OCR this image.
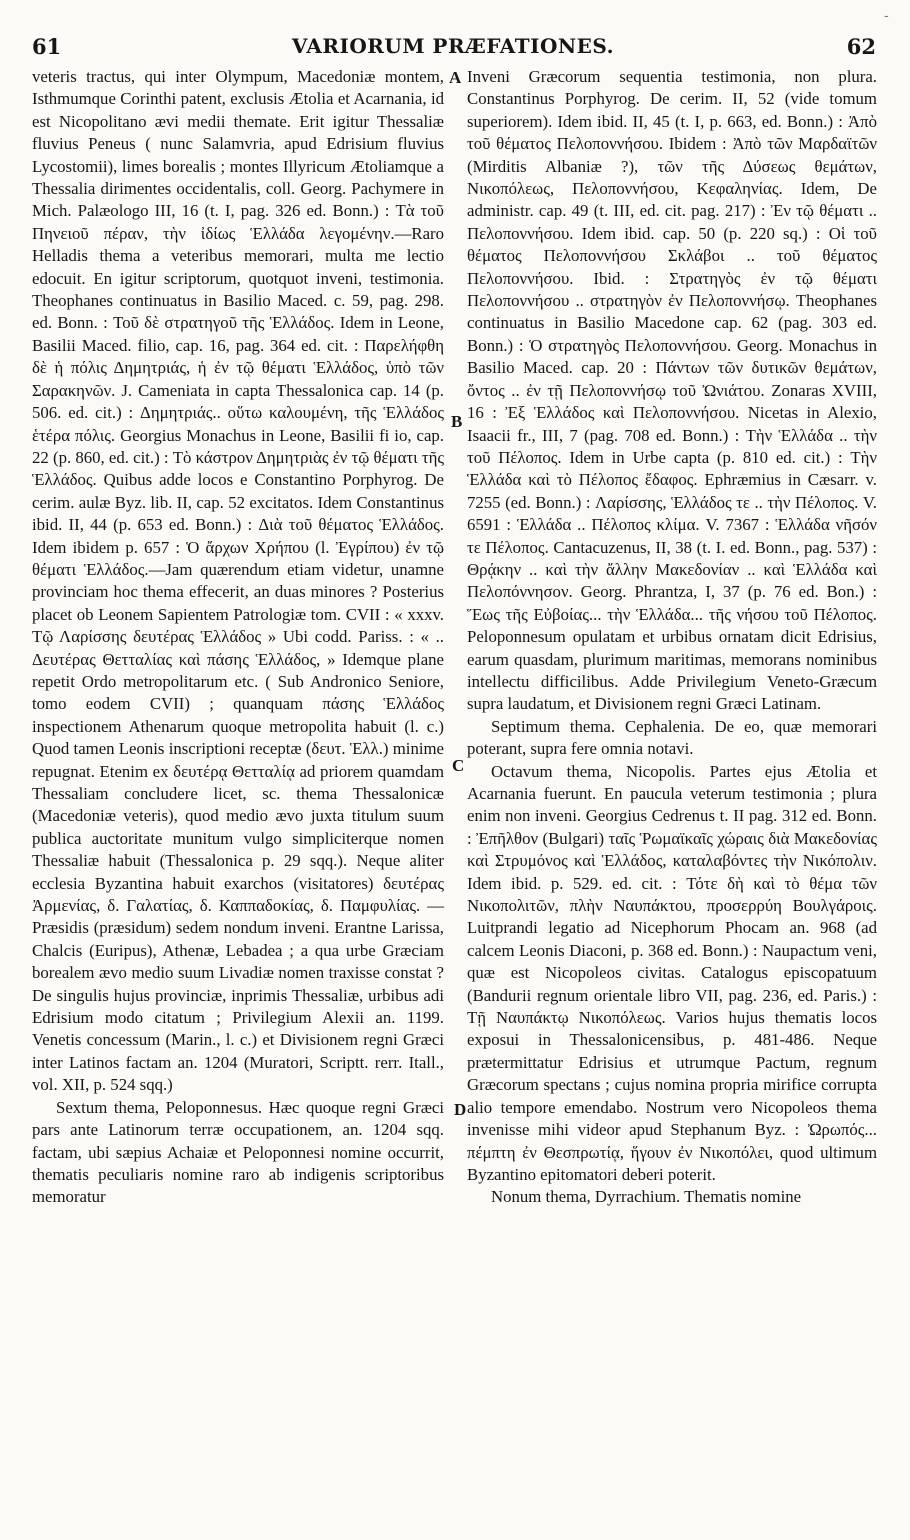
61	VARIORUM PRÆFATIONES.	62
-

veteris tractus, qui inter Olympum, Macedoniæ montem, Isthmumque Corinthi patent, exclusis Ætolia et Acarnania, id est Nicopolitano ævi medii themate. Erit igitur Thessaliæ fluvius Peneus ( nunc Salamvria, apud Edrisium fluvius Lycostomii), limes borealis ; montes Illyricum Ætoliamque a Thessalia dirimentes occidentalis, coll. Georg. Pachymere in Mich. Palæologo III, 16 (t. I, pag. 326 ed. Bonn.) : Τὰ τοῦ Πηνειοῦ πέραν, τὴν ἰδίως Ἑλλάδα λεγομένην.—Raro Helladis thema a veteribus memorari, multa me lectio edocuit. En igitur scriptorum, quotquot inveni, testimonia. Theophanes continuatus in Basilio Maced. c. 59, pag. 298. ed. Bonn. : Τοῦ δὲ στρατηγοῦ τῆς Ἑλλάδος. Idem in Leone, Basilii Maced. filio, cap. 16, pag. 364 ed. cit. : Παρελήφθη δὲ ἡ πόλις Δημητριάς, ἡ ἐν τῷ θέματι Ἑλλάδος, ὑπὸ τῶν Σαρακηνῶν. J. Cameniata in capta Thessalonica cap. 14 (p. 506. ed. cit.) : Δημητριάς.. οὕτω καλουμένη, τῆς Ἑλλάδος ἑτέρα πόλις. Georgius Monachus in Leone, Basilii fi io, cap. 22 (p. 860, ed. cit.) : Τὸ κάστρον Δημητριὰς ἐν τῷ θέματι τῆς Ἑλλάδος. Quibus adde locos e Constantino Porphyrog. De cerim. aulæ Byz. lib. II, cap. 52 excitatos. Idem Constantinus ibid. II, 44 (p. 653 ed. Bonn.) : Διὰ τοῦ θέματος Ἑλλάδος. Idem ibidem p. 657 : Ὁ ἄρχων Χρήπου (l. Ἐγρίπου) ἐν τῷ θέματι Ἑλλάδος.—Jam quærendum etiam videtur, unamne provinciam hoc thema effecerit, an duas minores ? Posterius placet ob Leonem Sapientem Patrologiæ tom. CVII : « xxxv. Τῷ Λαρίσσης δευτέρας Ἑλλάδος » Ubi codd. Pariss. : « .. Δευτέρας Θετταλίας καὶ πάσης Ἑλλάδος, » Idemque plane repetit Ordo metropolitarum etc. ( Sub Andronico Seniore, tomo eodem CVII) ; quanquam πάσης Ἑλλάδος inspectionem Athenarum quoque metropolita habuit (l. c.) Quod tamen Leonis inscriptioni receptæ (δευτ. Ἑλλ.) minime repugnat. Etenim ex δευτέρᾳ Θετταλίᾳ ad priorem quamdam Thessaliam concludere licet, sc. thema Thessalonicæ (Macedoniæ veteris), quod medio ævo juxta titulum suum publica auctoritate munitum vulgo simpliciterque nomen Thessaliæ habuit (Thessalonica p. 29 sqq.). Neque aliter ecclesia Byzantina habuit exarchos (visitatores) δευτέρας Ἀρμενίας, δ. Γαλατίας, δ. Καππαδοκίας, δ. Παμφυλίας. — Præsidis (præsidum) sedem nondum inveni. Erantne Larissa, Chalcis (Euripus), Athenæ, Lebadea ; a qua urbe Græciam borealem ævo medio suum Livadiæ nomen traxisse constat ? De singulis hujus provinciæ, inprimis Thessaliæ, urbibus adi Edrisium modo citatum ; Privilegium Alexii an. 1199. Venetis concessum (Marin., l. c.) et Divisionem regni Græci inter Latinos factam an. 1204 (Muratori, Scriptt. rerr. Itall., vol. XII, p. 524 sqq.)

Sextum thema, Peloponnesus. Hæc quoque regni Græci pars ante Latinorum terræ occupationem, an. 1204 sqq. factam, ubi sæpius Achaiæ et Peloponnesi nomine occurrit, thematis peculiaris nomine raro ab indigenis scriptoribus memoratur

Inveni Græcorum sequentia testimonia, non plura. Constantinus Porphyrog. De cerim. II, 52 (vide tomum superiorem). Idem ibid. II, 45 (t. I, p. 663, ed. Bonn.) : Ἀπὸ τοῦ θέματος Πελοποννήσου. Ibidem : Ἀπὸ τῶν Μαρδαϊτῶν (Mirditis Albaniæ ?), τῶν τῆς Δύσεως θεμάτων, Νικοπόλεως, Πελοποννήσου, Κεφαληνίας. Idem, De administr. cap. 49 (t. III, ed. cit. pag. 217) : Ἐν τῷ θέματι .. Πελοποννήσου. Idem ibid. cap. 50 (p. 220 sq.) : Οἱ τοῦ θέματος Πελοποννήσου Σκλάβοι .. τοῦ θέματος Πελοποννήσου. Ibid. : Στρατηγὸς ἐν τῷ θέματι Πελοποννήσου .. στρατηγὸν ἐν Πελοποννήσῳ. Theophanes continuatus in Basilio Macedone cap. 62 (pag. 303 ed. Bonn.) : Ὁ στρατηγὸς Πελοποννήσου. Georg. Monachus in Basilio Maced. cap. 20 : Πάντων τῶν δυτικῶν θεμάτων, ὄντος .. ἐν τῇ Πελοποννήσῳ τοῦ Ὠνιάτου. Zonaras XVIII, 16 : Ἐξ Ἑλλάδος καὶ Πελοποννήσου. Nicetas in Alexio, Isaacii fr., III, 7 (pag. 708 ed. Bonn.) : Τὴν Ἑλλάδα .. τὴν τοῦ Πέλοπος. Idem in Urbe capta (p. 810 ed. cit.) : Τὴν Ἑλλάδα καὶ τὸ Πέλοπος ἔδαφος. Ephræmius in Cæsarr. v. 7255 (ed. Bonn.) : Λαρίσσης, Ἑλλάδος τε .. τὴν Πέλοπος. V. 6591 : Ἑλλάδα .. Πέλοπος κλίμα. V. 7367 : Ἑλλάδα νῆσόν τε Πέλοπος. Cantacuzenus, II, 38 (t. I. ed. Bonn., pag. 537) : Θρᾴκην .. καὶ τὴν ἄλλην Μακεδονίαν .. καὶ Ἑλλάδα καὶ Πελοπόννησον. Georg. Phrantza, I, 37 (p. 76 ed. Bon.) : Ἕως τῆς Εὐβοίας... τὴν Ἑλλάδα... τῆς νήσου τοῦ Πέλοπος. Peloponnesum opulatam et urbibus ornatam dicit Edrisius, earum quasdam, plurimum maritimas, memorans nominibus intellectu difficilibus. Adde Privilegium Veneto-Græcum supra laudatum, et Divisionem regni Græci Latinam.

Septimum thema. Cephalenia. De eo, quæ memorari poterant, supra fere omnia notavi.

Octavum thema, Nicopolis. Partes ejus Ætolia et Acarnania fuerunt. En paucula veterum testimonia ; plura enim non inveni. Georgius Cedrenus t. II pag. 312 ed. Bonn. : Ἐπῆλθον (Bulgari) ταῖς Ῥωμαϊκαῖς χώραις διὰ Μακεδονίας καὶ Στρυμόνος καὶ Ἑλλάδος, καταλαβόντες τὴν Νικόπολιν. Idem ibid. p. 529. ed. cit. : Τότε δὴ καὶ τὸ θέμα τῶν Νικοπολιτῶν, πλὴν Ναυπάκτου, προσερρύη Βουλγάροις. Luitprandi legatio ad Nicephorum Phocam an. 968 (ad calcem Leonis Diaconi, p. 368 ed. Bonn.) : Naupactum veni, quæ est Nicopoleos civitas. Catalogus episcopatuum (Bandurii regnum orientale libro VII, pag. 236, ed. Paris.) : Τῇ Ναυπάκτῳ Νικοπόλεως. Varios hujus thematis locos exposui in Thessalonicensibus, p. 481-486. Neque prætermittatur Edrisius et utrumque Pactum, regnum Græcorum spectans ; cujus nomina propria mirifice corrupta alio tempore emendabo. Nostrum vero Nicopoleos thema invenisse mihi videor apud Stephanum Byz. : Ὠρωπός... πέμπτη ἐν Θεσπρωτίᾳ, ἥγουν ἐν Νικοπόλει, quod ultimum Byzantino epitomatori deberi poterit.

Nonum thema, Dyrrachium. Thematis nomine

A
B
C
D
